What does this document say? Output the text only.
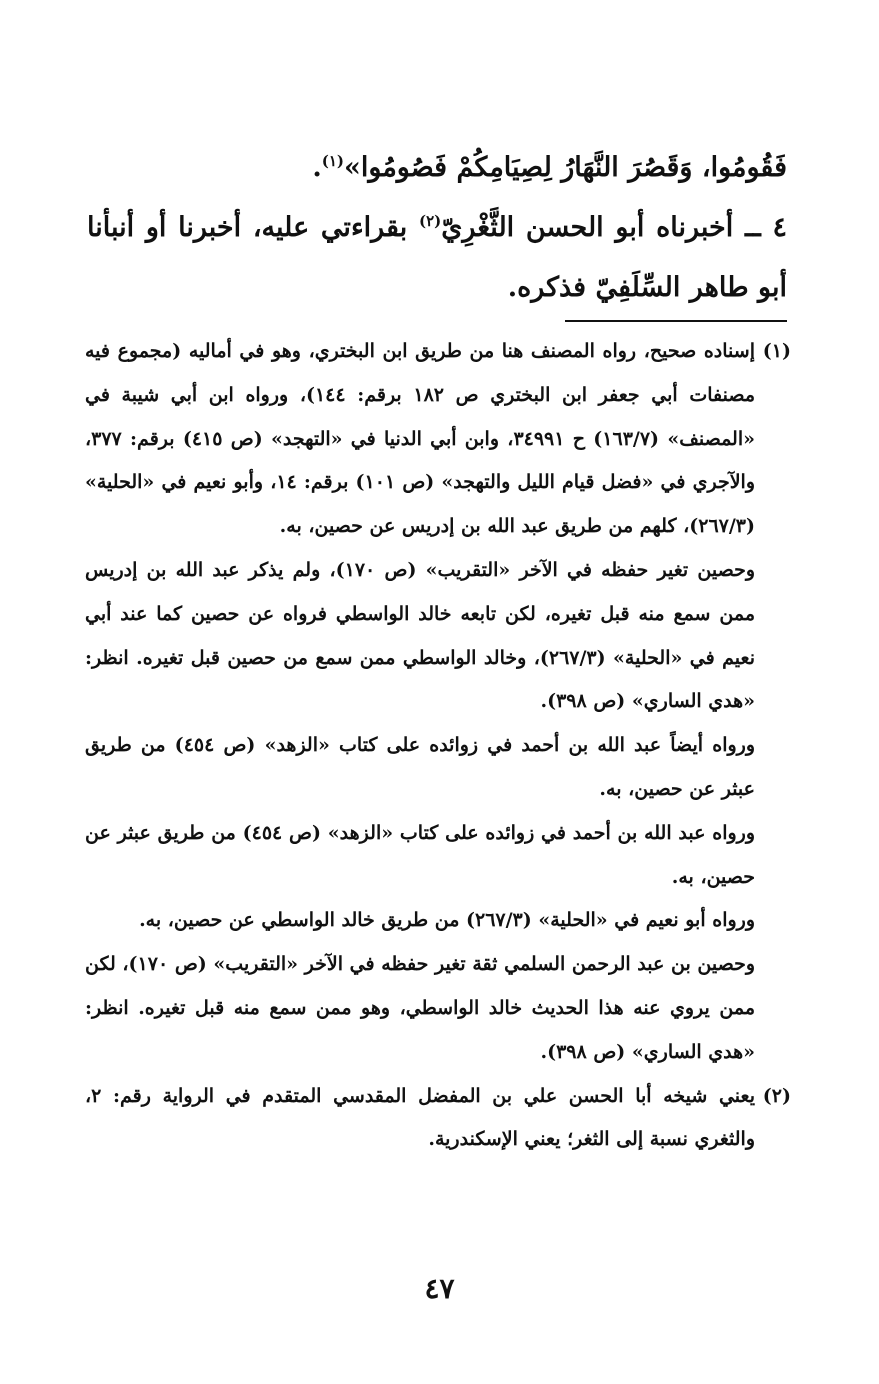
فَقُومُوا، وَقَصُرَ النَّهَارُ لِصِيَامِكُمْ فَصُومُوا»$^{(١)}$.

٤ ــ أخبرناه أبو الحسن الثَّغْرِيّ$^{(٢)}$ بقراءتي عليه، أخبرنا أو أنبأنا أبو طاهر السِّلَفِيّ فذكره.

(١)

إسناده صحيح، رواه المصنف هنا من طريق ابن البختري، وهو في أماليه (مجموع فيه مصنفات أبي جعفر ابن البختري ص ١٨٢ برقم: ١٤٤)، ورواه ابن أبي شيبة في «المصنف» (١٦٣/٧) ح ٣٤٩٩١، وابن أبي الدنيا في «التهجد» (ص ٤١٥) برقم: ٣٧٧، والآجري في «فضل قيام الليل والتهجد» (ص ١٠١) برقم: ١٤، وأبو نعيم في «الحلية» (٢٦٧/٣)، كلهم من طريق عبد الله بن إدريس عن حصين، به.

وحصين تغير حفظه في الآخر «التقريب» (ص ١٧٠)، ولم يذكر عبد الله بن إدريس ممن سمع منه قبل تغيره، لكن تابعه خالد الواسطي فرواه عن حصين كما عند أبي نعيم في «الحلية» (٢٦٧/٣)، وخالد الواسطي ممن سمع من حصين قبل تغيره. انظر: «هدي الساري» (ص ٣٩٨).

ورواه أيضاً عبد الله بن أحمد في زوائده على كتاب «الزهد» (ص ٤٥٤) من طريق عبثر عن حصين، به.

ورواه عبد الله بن أحمد في زوائده على كتاب «الزهد» (ص ٤٥٤) من طريق عبثر عن حصين، به.

ورواه أبو نعيم في «الحلية» (٢٦٧/٣) من طريق خالد الواسطي عن حصين، به.

وحصين بن عبد الرحمن السلمي ثقة تغير حفظه في الآخر «التقريب» (ص ١٧٠)، لكن ممن يروي عنه هذا الحديث خالد الواسطي، وهو ممن سمع منه قبل تغيره. انظر: «هدي الساري» (ص ٣٩٨).

(٢)

يعني شيخه أبا الحسن علي بن المفضل المقدسي المتقدم في الرواية رقم: ٢، والثغري نسبة إلى الثغر؛ يعني الإسكندرية.

٤٧
